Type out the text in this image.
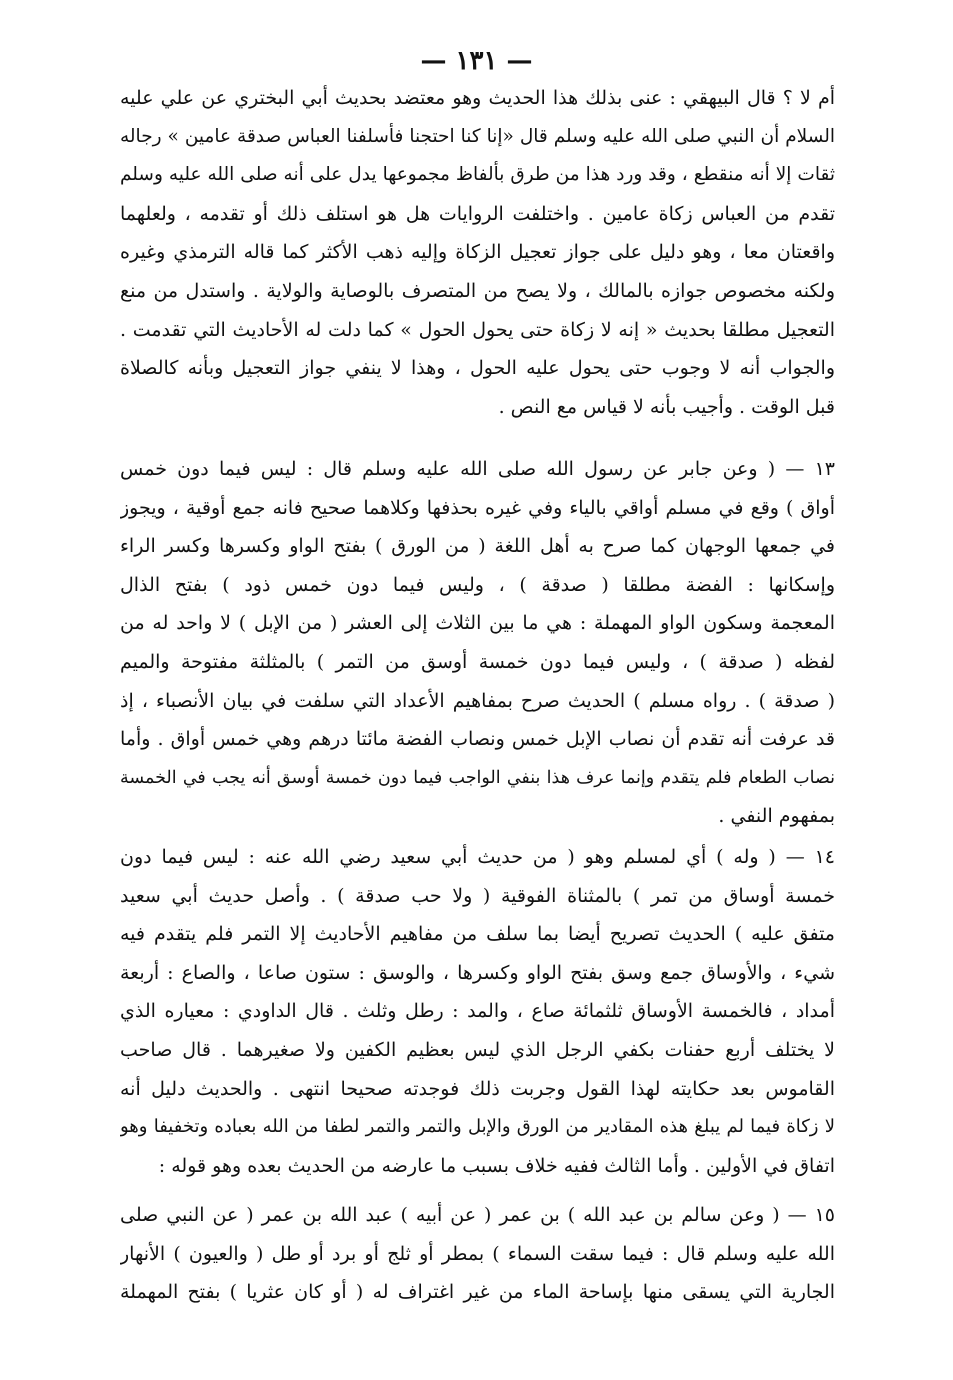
— ١٣١ —
أم لا ؟ قال البيهقي : عنى بذلك هذا الحديث وهو معتضد بحديث أبي البختري عن علي عليه
السلام أن النبي صلى الله عليه وسلم قال «إنا كنا احتجنا فأسلفنا العباس صدقة عامين » رجاله
ثقات إلا أنه منقطع ، وقد ورد هذا من طرق بألفاظ مجموعها يدل على أنه صلى الله عليه وسلم
تقدم من العباس زكاة عامين . واختلفت الروايات هل هو استلف ذلك أو تقدمه ، ولعلهما
واقعتان معا ، وهو دليل على جواز تعجيل الزكاة وإليه ذهب الأكثر كما قاله الترمذي وغيره
ولكنه مخصوص جوازه بالمالك ، ولا يصح من المتصرف بالوصاية والولاية . واستدل من منع
التعجيل مطلقا بحديث « إنه لا زكاة حتى يحول الحول » كما دلت له الأحاديث التي تقدمت .
والجواب أنه لا وجوب حتى يحول عليه الحول ، وهذا لا ينفي جواز التعجيل وبأنه كالصلاة
قبل الوقت . وأجيب بأنه لا قياس مع النص .
١٣ — ( وعن جابر عن رسول الله صلى الله عليه وسلم قال : ليس فيما دون خمس
أواق ) وقع في مسلم أواقي بالياء وفي غيره بحذفها وكلاهما صحيح فانه جمع أوقية ، ويجوز
في جمعها الوجهان كما صرح به أهل اللغة ( من الورق ) بفتح الواو وكسرها وكسر الراء
وإسكانها : الفضة مطلقا ( صدقة ) ، وليس فيما دون خمس ذود ) بفتح الذال
المعجمة وسكون الواو المهملة : هي ما بين الثلاث إلى العشر ( من الإبل ) لا واحد له من
لفظه ( صدقة ) ، وليس فيما دون خمسة أوسق من التمر ) بالمثلثة مفتوحة والميم
( صدقة ) . رواه مسلم ) الحديث صرح بمفاهيم الأعداد التي سلفت في بيان الأنصباء ، إذ
قد عرفت أنه تقدم أن نصاب الإبل خمس ونصاب الفضة مائتا درهم وهي خمس أواق . وأما
نصاب الطعام فلم يتقدم وإنما عرف هذا بنفي الواجب فيما دون خمسة أوسق أنه يجب في الخمسة
بمفهوم النفي .
١٤ — ( وله ) أي لمسلم وهو ( من حديث أبي سعيد رضي الله عنه : ليس فيما دون
خمسة أوساق من تمر ) بالمثناة الفوقية ( ولا حب صدقة ) . وأصل حديث أبي سعيد
متفق عليه ) الحديث تصريح أيضا بما سلف من مفاهيم الأحاديث إلا التمر فلم يتقدم فيه
شيء ، والأوساق جمع وسق بفتح الواو وكسرها ، والوسق : ستون صاعا ، والصاع : أربعة
أمداد ، فالخمسة الأوساق ثلثمائة صاع ، والمد : رطل وثلث . قال الداودي : معياره الذي
لا يختلف أربع حفنات بكفي الرجل الذي ليس بعظيم الكفين ولا صغيرهما . قال صاحب
القاموس بعد حكايته لهذا القول وجربت ذلك فوجدته صحيحا انتهى . والحديث دليل أنه
لا زكاة فيما لم يبلغ هذه المقادير من الورق والإبل والتمر والتمر لطفا من الله بعباده وتخفيفا وهو
اتفاق في الأولين . وأما الثالث ففيه خلاف بسبب ما عارضه من الحديث بعده وهو قوله :
١٥ — ( وعن سالم بن عبد الله ) بن عمر ( عن أبيه ) عبد الله بن عمر ( عن النبي صلى
الله عليه وسلم قال : فيما سقت السماء ) بمطر أو ثلج أو برد أو طل ( والعيون ) الأنهار
الجارية التي يسقى منها بإساحة الماء من غير اغتراف له ( أو كان عثريا ) بفتح المهملة
